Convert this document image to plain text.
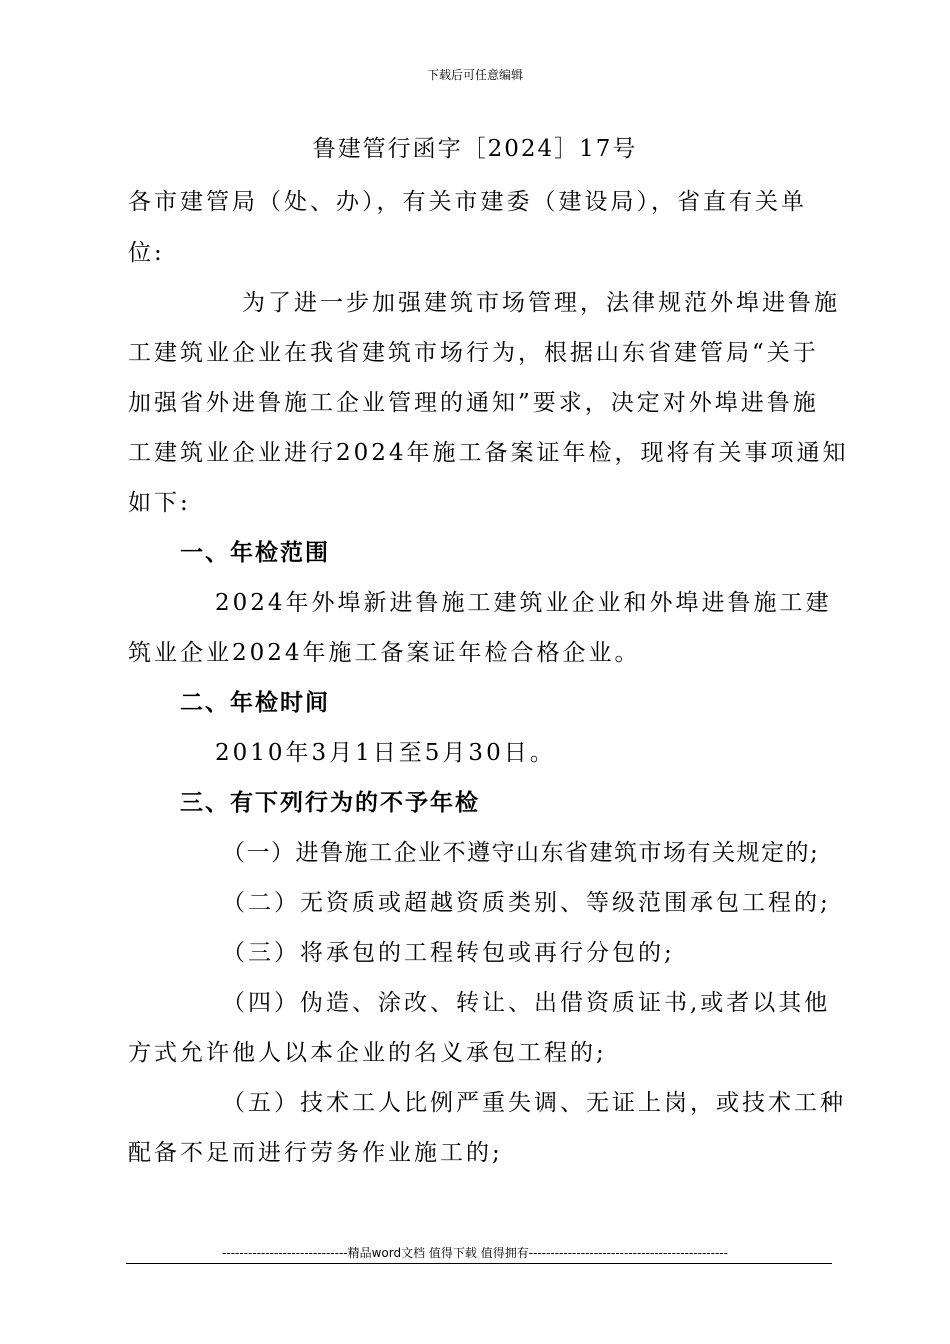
下载后可任意编辑
鲁建管行函字［2024］17号
各市建管局（处、办），有关市建委（建设局），省直有关单
位:
为了进一步加强建筑市场管理，法律规范外埠进鲁施
工建筑业企业在我省建筑市场行为，根据山东省建管局“关于
加强省外进鲁施工企业管理的通知”要求，决定对外埠进鲁施
工建筑业企业进行2024年施工备案证年检，现将有关事项通知
如下:
一、年检范围
2024年外埠新进鲁施工建筑业企业和外埠进鲁施工建
筑业企业2024年施工备案证年检合格企业。
二、年检时间
2010年3月1日至5月30日。
三、有下列行为的不予年检
（一）进鲁施工企业不遵守山东省建筑市场有关规定的;
（二）无资质或超越资质类别、等级范围承包工程的;
（三）将承包的工程转包或再行分包的;
（四）伪造、涂改、转让、出借资质证书,或者以其他
方式允许他人以本企业的名义承包工程的;
（五）技术工人比例严重失调、无证上岗，或技术工种
配备不足而进行劳务作业施工的;
-----------------------------精品word文档 值得下载 值得拥有----------------------------------------------
